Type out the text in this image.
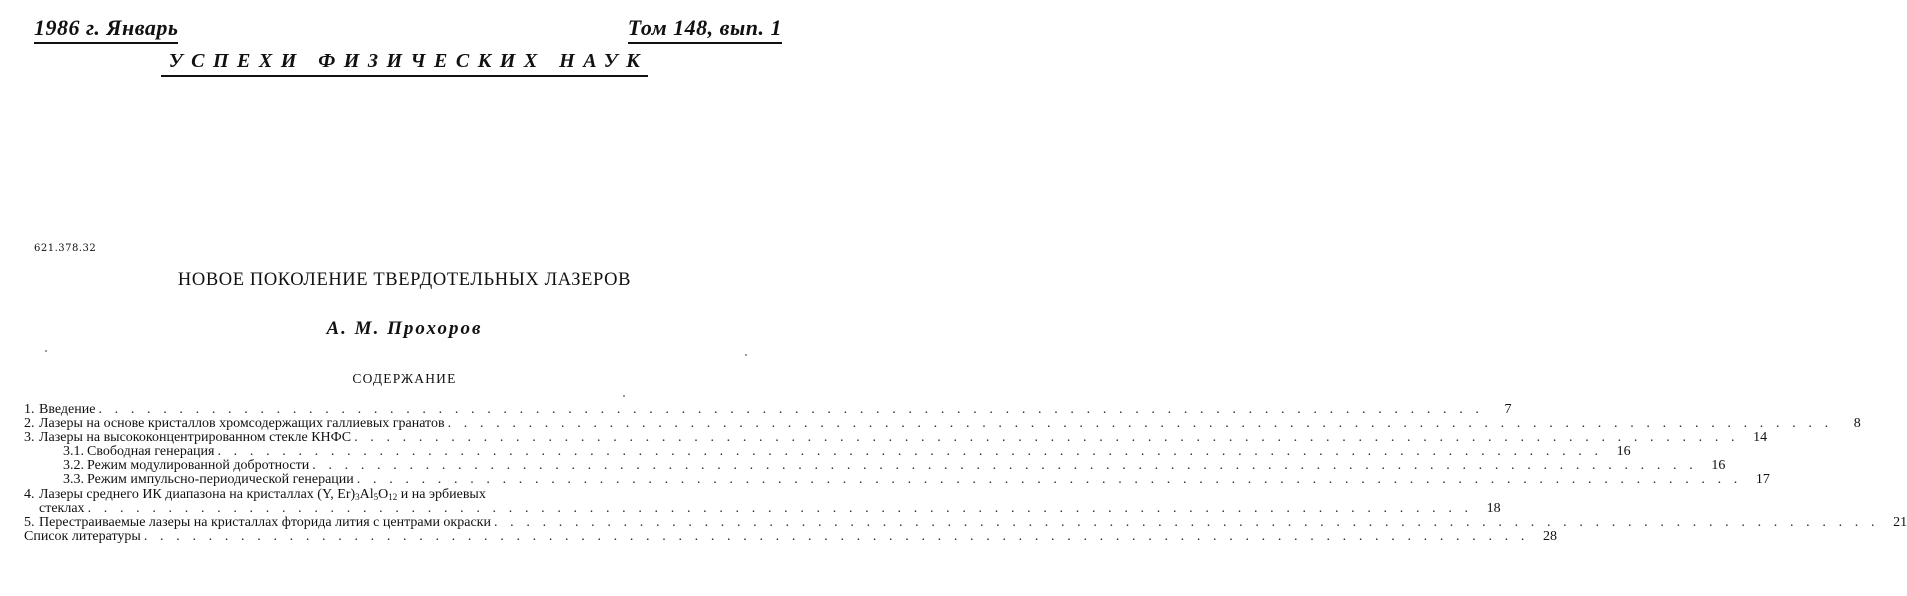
1986 г. Январь	Том 148, вып. 1
УСПЕХИ ФИЗИЧЕСКИХ НАУК
621.378.32
НОВОЕ ПОКОЛЕНИЕ ТВЕРДОТЕЛЬНЫХ ЛАЗЕРОВ
А. М. Прохоров
СОДЕРЖАНИЕ
1. Введение . . . . . . . . . . . . . . . . . . . . . . . . . . . . . . . . . . . . . . . . . . . . . . . . . . . . . . . . . . . . . . . . . . . . . . . . . . . . . . . . . . . . . .	7
2. Лазеры на основе кристаллов хромсодержащих галлиевых гранатов . . . . . . . . . . . . . . . . . . . . . . . . . . . . . . . . . . . . . . . . . . . . . . . . . . . . . . . . . . . . . . . . . . . . . . . . . . . . . . . . . . . . . .	8
3. Лазеры на высококонцентрированном стекле КНФС . . . . . . . . . . . . . . . . . . . . . . . . . . . . . . . . . . . . . . . . . . . . . . . . . . . . . . . . . . . . . . . . . . . . . . . . . . . . . . . . . . . . . .	14
3.1. Свободная генерация . . . . . . . . . . . . . . . . . . . . . . . . . . . . . . . . . . . . . . . . . . . . . . . . . . . . . . . . . . . . . . . . . . . . . . . . . . . . . . . . . . . . . .	16
3.2. Режим модулированной добротности . . . . . . . . . . . . . . . . . . . . . . . . . . . . . . . . . . . . . . . . . . . . . . . . . . . . . . . . . . . . . . . . . . . . . . . . . . . . . . . . . . . . . .	16
3.3. Режим импульсно-периодической генерации . . . . . . . . . . . . . . . . . . . . . . . . . . . . . . . . . . . . . . . . . . . . . . . . . . . . . . . . . . . . . . . . . . . . . . . . . . . . . . . . . . . . . .	17
4. Лазеры среднего ИК диапазона на кристаллах (Y, $Er)_3Al_5O_{12}$ и на эрбиевых
стеклах . . . . . . . . . . . . . . . . . . . . . . . . . . . . . . . . . . . . . . . . . . . . . . . . . . . . . . . . . . . . . . . . . . . . . . . . . . . . . . . . . . . . . .	18
5. Перестраиваемые лазеры на кристаллах фторида лития с центрами окраски . . . . . . . . . . . . . . . . . . . . . . . . . . . . . . . . . . . . . . . . . . . . . . . . . . . . . . . . . . . . . . . . . . . . . . . . . . . . . . . . . . . . . .	21
Список литературы . . . . . . . . . . . . . . . . . . . . . . . . . . . . . . . . . . . . . . . . . . . . . . . . . . . . . . . . . . . . . . . . . . . . . . . . . . . . . . . . . . . . . .	28
